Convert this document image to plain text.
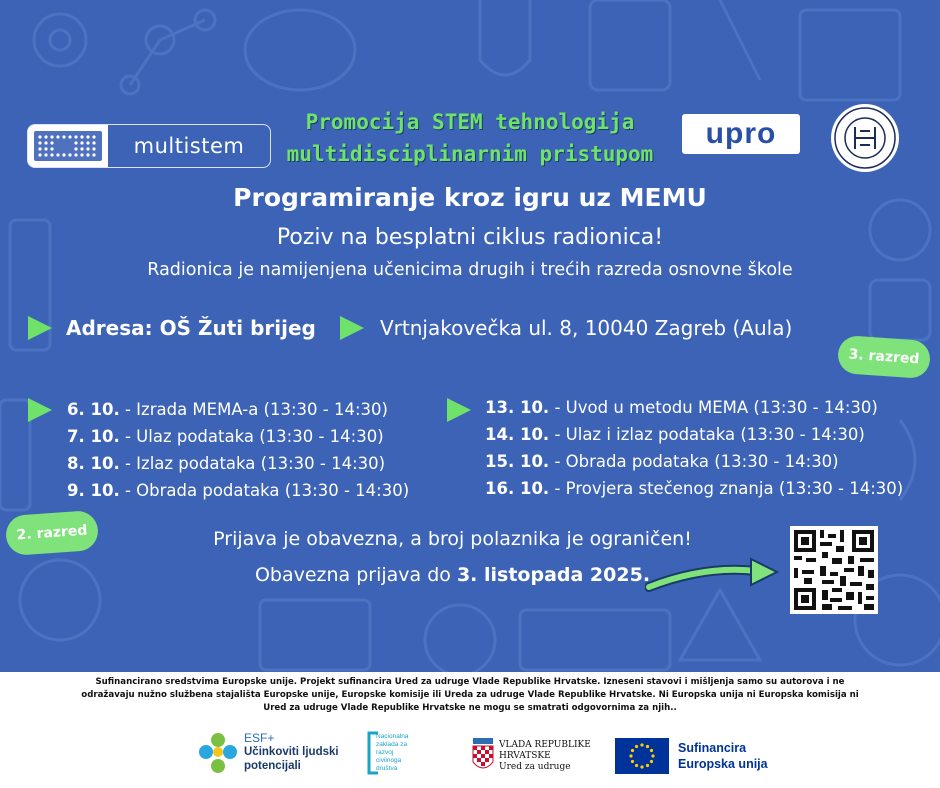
multistem
Promocija STEM tehnologija
multidisciplinarnim pristupom
upro
Programiranje kroz igru uz MEMU
Poziv na besplatni ciklus radionica!
Radionica je namijenjena učenicima drugih i trećih razreda osnovne škole
Adresa: OŠ Žuti brijeg	Vrtnjakovečka ul. 8, 10040 Zagreb (Aula)
3. razred
2. razred
6. 10. - Izrada MEMA-a (13:30 - 14:30)
7. 10. - Ulaz podataka (13:30 - 14:30)
8. 10. - Izlaz podataka (13:30 - 14:30)
9. 10. - Obrada podataka (13:30 - 14:30)
13. 10. - Uvod u metodu MEMA (13:30 - 14:30)
14. 10. - Ulaz i izlaz podataka (13:30 - 14:30)
15. 10. - Obrada podataka (13:30 - 14:30)
16. 10. - Provjera stečenog znanja (13:30 - 14:30)
Prijava je obavezna, a broj polaznika je ograničen!
Obavezna prijava do 3. listopada 2025.
Sufinancirano sredstvima Europske unije. Projekt sufinancira Ured za udruge Vlade Republike Hrvatske. Izneseni stavovi i mišljenja samo su autorova i ne odražavaju nužno službena stajališta Europske unije, Europske komisije ili Ureda za udruge Vlade Republike Hrvatske. Ni Europska unija ni Europska komisija ni Ured za udruge Vlade Republike Hrvatske ne mogu se smatrati odgovornima za njih..
ESF+
Učinkoviti ljudski
potencijali
Nacionalna
zaklada za
razvoj
civilnoga
društva
VLADA REPUBLIKE
HRVATSKE
Ured za udruge
Sufinancira
Europska unija
